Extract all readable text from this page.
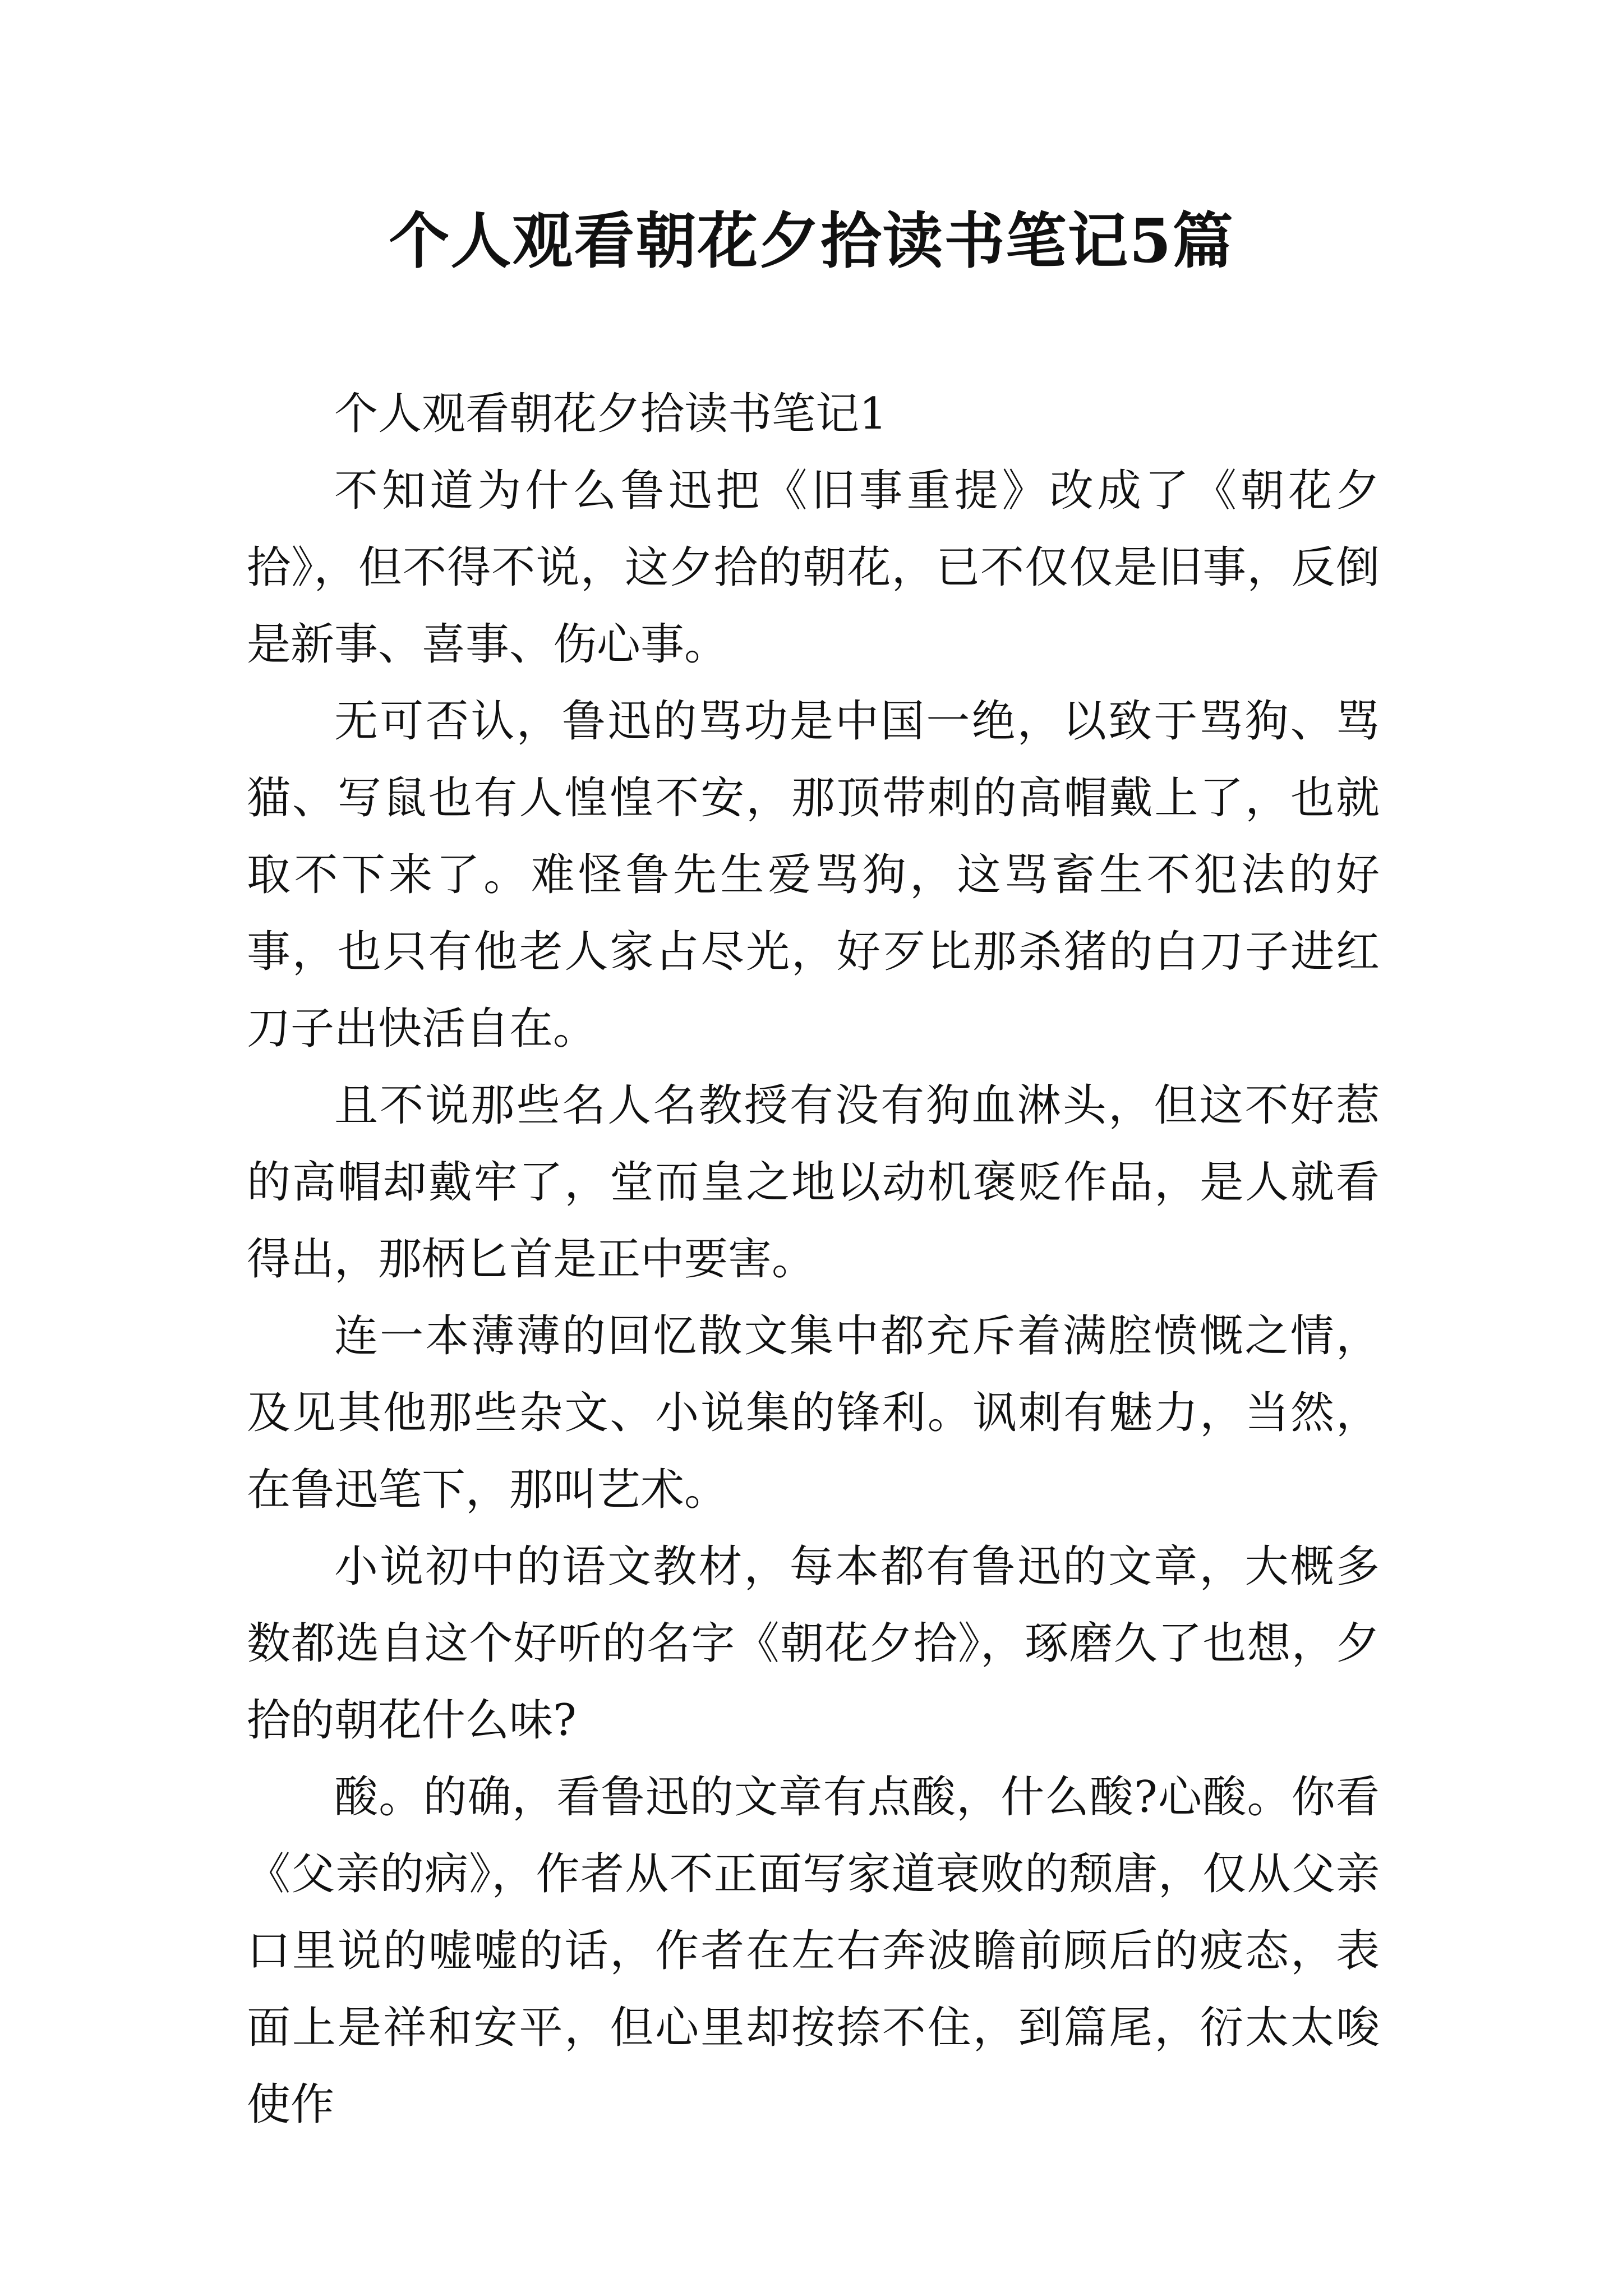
个人观看朝花夕拾读书笔记5篇

个人观看朝花夕拾读书笔记1

不知道为什么鲁迅把《旧事重提》改成了《朝花夕拾》，但不得不说，这夕拾的朝花，已不仅仅是旧事，反倒是新事、喜事、伤心事。

无可否认，鲁迅的骂功是中国一绝，以致于骂狗、骂猫、写鼠也有人惶惶不安，那顶带刺的高帽戴上了，也就取不下来了。难怪鲁先生爱骂狗，这骂畜生不犯法的好事，也只有他老人家占尽光，好歹比那杀猪的白刀子进红刀子出快活自在。

且不说那些名人名教授有没有狗血淋头，但这不好惹的高帽却戴牢了，堂而皇之地以动机褒贬作品，是人就看得出，那柄匕首是正中要害。

连一本薄薄的回忆散文集中都充斥着满腔愤慨之情，及见其他那些杂文、小说集的锋利。讽刺有魅力，当然，在鲁迅笔下，那叫艺术。

小说初中的语文教材，每本都有鲁迅的文章，大概多数都选自这个好听的名字《朝花夕拾》，琢磨久了也想，夕拾的朝花什么味?

酸。的确，看鲁迅的文章有点酸，什么酸?心酸。你看《父亲的病》，作者从不正面写家道衰败的颓唐，仅从父亲口里说的嘘嘘的话，作者在左右奔波瞻前顾后的疲态，表面上是祥和安平，但心里却按捺不住，到篇尾，衍太太唆使作
